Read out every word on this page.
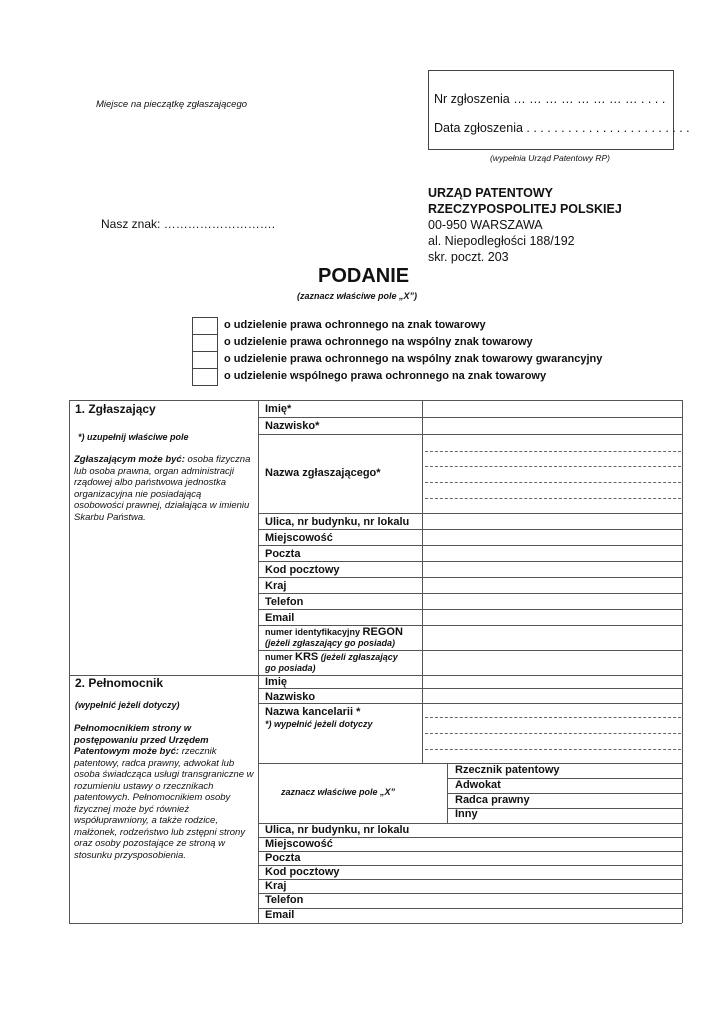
Miejsce na pieczątkę zgłaszającego	Nr zgłoszenia … … … … … … … … . . . .
Data zgłoszenia . . . . . . . . . . . . . . . . . . . . . . . .
(wypełnia Urząd Patentowy RP)
Nasz znak: ……………………….
URZĄD PATENTOWY
RZECZYPOSPOLITEJ POLSKIEJ
00-950 WARSZAWA
al. Niepodległości 188/192
skr. poczt. 203
PODANIE
(zaznacz właściwe pole „X”)
o udzielenie prawa ochronnego na znak towarowy
o udzielenie prawa ochronnego na wspólny znak towarowy
o udzielenie prawa ochronnego na wspólny znak towarowy gwarancyjny
o udzielenie wspólnego prawa ochronnego na znak towarowy
1. Zgłaszający
*) uzupełnij właściwe pole
Zgłaszającym może być: osoba fizyczna lub osoba prawna, organ administracji rządowej albo państwowa jednostka organizacyjna nie posiadającą osobowości prawnej, działająca w imieniu Skarbu Państwa.
Imię*
Nazwisko*
Nazwa zgłaszającego*
Ulica, nr budynku, nr lokalu
Miejscowość
Poczta
Kod pocztowy
Kraj
Telefon
Email
numer identyfikacyjny REGON
(jeżeli zgłaszający go posiada)
numer KRS (jeżeli zgłaszający
go posiada)
2. Pełnomocnik
(wypełnić jeżeli dotyczy)
Pełnomocnikiem strony w postępowaniu przed Urzędem Patentowym może być: rzecznik patentowy, radca prawny, adwokat lub osoba świadcząca usługi transgraniczne w rozumieniu ustawy o rzecznikach patentowych. Pełnomocnikiem osoby fizycznej może być również współuprawniony, a także rodzice, małżonek, rodzeństwo lub zstępni strony oraz osoby pozostające ze stroną w stosunku przysposobienia.
Imię
Nazwisko
Nazwa kancelarii *
*) wypełnić jeżeli dotyczy
zaznacz właściwe pole „X”
Ulica, nr budynku, nr lokalu
Miejscowość
Poczta
Kod pocztowy
Kraj
Telefon
Email
Rzecznik patentowy
Adwokat
Radca prawny
Inny
